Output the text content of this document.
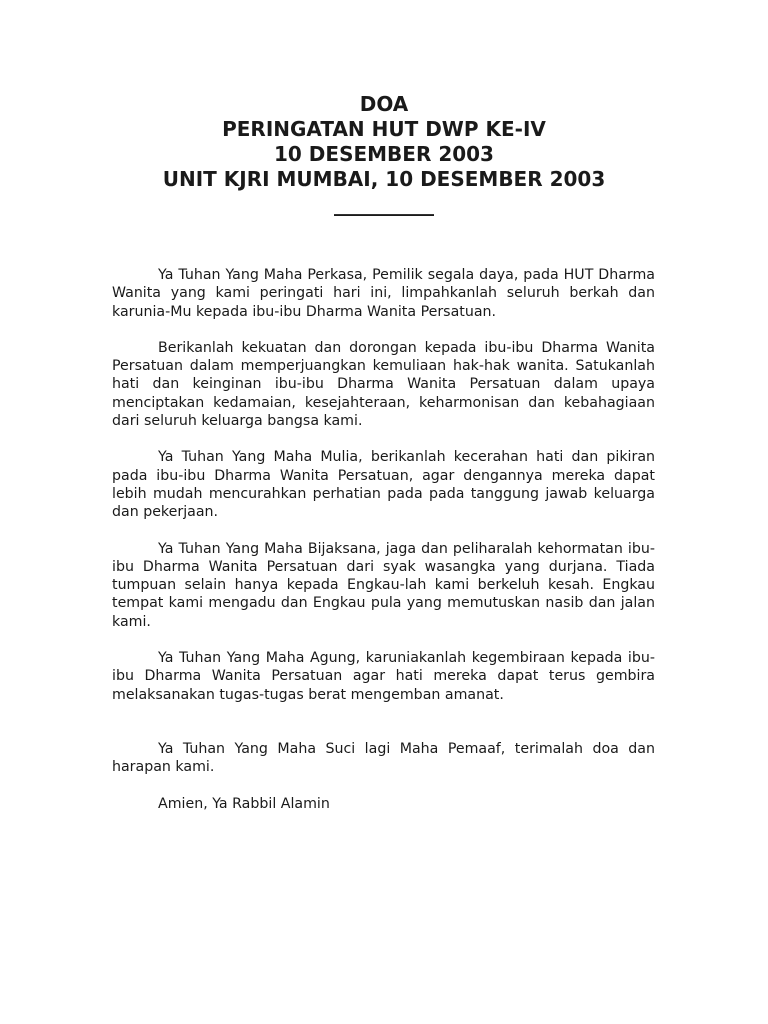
DOA
PERINGATAN HUT DWP KE-IV
10 DESEMBER 2003
UNIT KJRI MUMBAI, 10 DESEMBER 2003
__________

Ya Tuhan Yang Maha Perkasa, Pemilik segala daya, pada HUT Dharma Wanita yang kami peringati hari ini, limpahkanlah seluruh berkah dan karunia-Mu kepada ibu-ibu Dharma Wanita Persatuan.

Berikanlah kekuatan dan dorongan kepada ibu-ibu Dharma Wanita Persatuan dalam memperjuangkan kemuliaan hak-hak wanita. Satukanlah hati dan keinginan ibu-ibu Dharma Wanita Persatuan dalam upaya menciptakan kedamaian, kesejahteraan, keharmonisan dan kebahagiaan dari seluruh keluarga bangsa kami.

Ya Tuhan Yang Maha Mulia, berikanlah kecerahan hati dan pikiran pada ibu-ibu Dharma Wanita Persatuan, agar dengannya mereka dapat lebih mudah mencurahkan perhatian pada pada tanggung jawab keluarga dan pekerjaan.

Ya Tuhan Yang Maha Bijaksana, jaga dan peliharalah kehormatan ibu-ibu Dharma Wanita Persatuan dari syak wasangka yang durjana. Tiada tumpuan selain hanya kepada Engkau-lah kami berkeluh kesah. Engkau tempat kami mengadu dan Engkau pula yang memutuskan nasib dan jalan kami.

Ya Tuhan Yang Maha Agung, karuniakanlah kegembiraan kepada ibu-ibu Dharma Wanita Persatuan agar hati mereka dapat terus gembira melaksanakan tugas-tugas berat mengemban amanat.

Ya Tuhan Yang Maha Suci lagi Maha Pemaaf, terimalah doa dan harapan kami.

Amien, Ya Rabbil Alamin
